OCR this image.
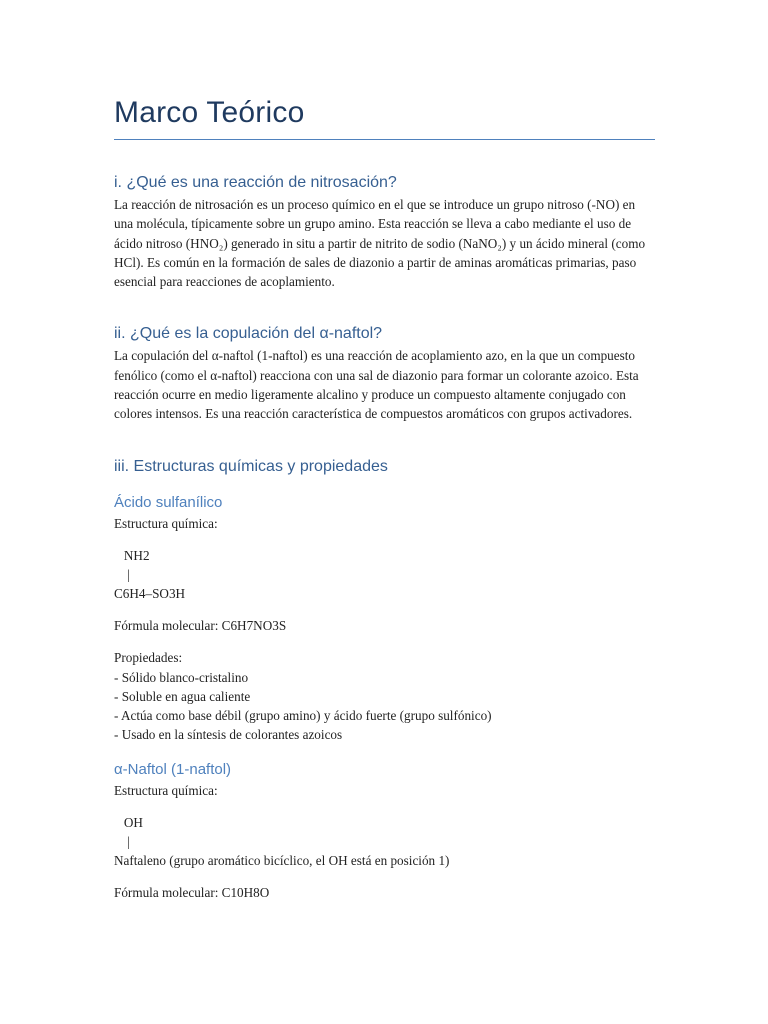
Marco Teórico
i. ¿Qué es una reacción de nitrosación?

La reacción de nitrosación es un proceso químico en el que se introduce un grupo nitroso (-NO) en una molécula, típicamente sobre un grupo amino. Esta reacción se lleva a cabo mediante el uso de ácido nitroso (HNO₂) generado in situ a partir de nitrito de sodio (NaNO₂) y un ácido mineral (como HCl). Es común en la formación de sales de diazonio a partir de aminas aromáticas primarias, paso esencial para reacciones de acoplamiento.

ii. ¿Qué es la copulación del α-naftol?

La copulación del α-naftol (1-naftol) es una reacción de acoplamiento azo, en la que un compuesto fenólico (como el α-naftol) reacciona con una sal de diazonio para formar un colorante azoico. Esta reacción ocurre en medio ligeramente alcalino y produce un compuesto altamente conjugado con colores intensos. Es una reacción característica de compuestos aromáticos con grupos activadores.

iii. Estructuras químicas y propiedades
Ácido sulfanílico

Estructura química:

NH2
|
C6H4–SO3H

Fórmula molecular: C6H7NO3S

Propiedades:

- Sólido blanco-cristalino
- Soluble en agua caliente
- Actúa como base débil (grupo amino) y ácido fuerte (grupo sulfónico)
- Usado en la síntesis de colorantes azoicos
α-Naftol (1-naftol)

Estructura química:

OH
|
Naftaleno (grupo aromático bicíclico, el OH está en posición 1)

Fórmula molecular: C10H8O
